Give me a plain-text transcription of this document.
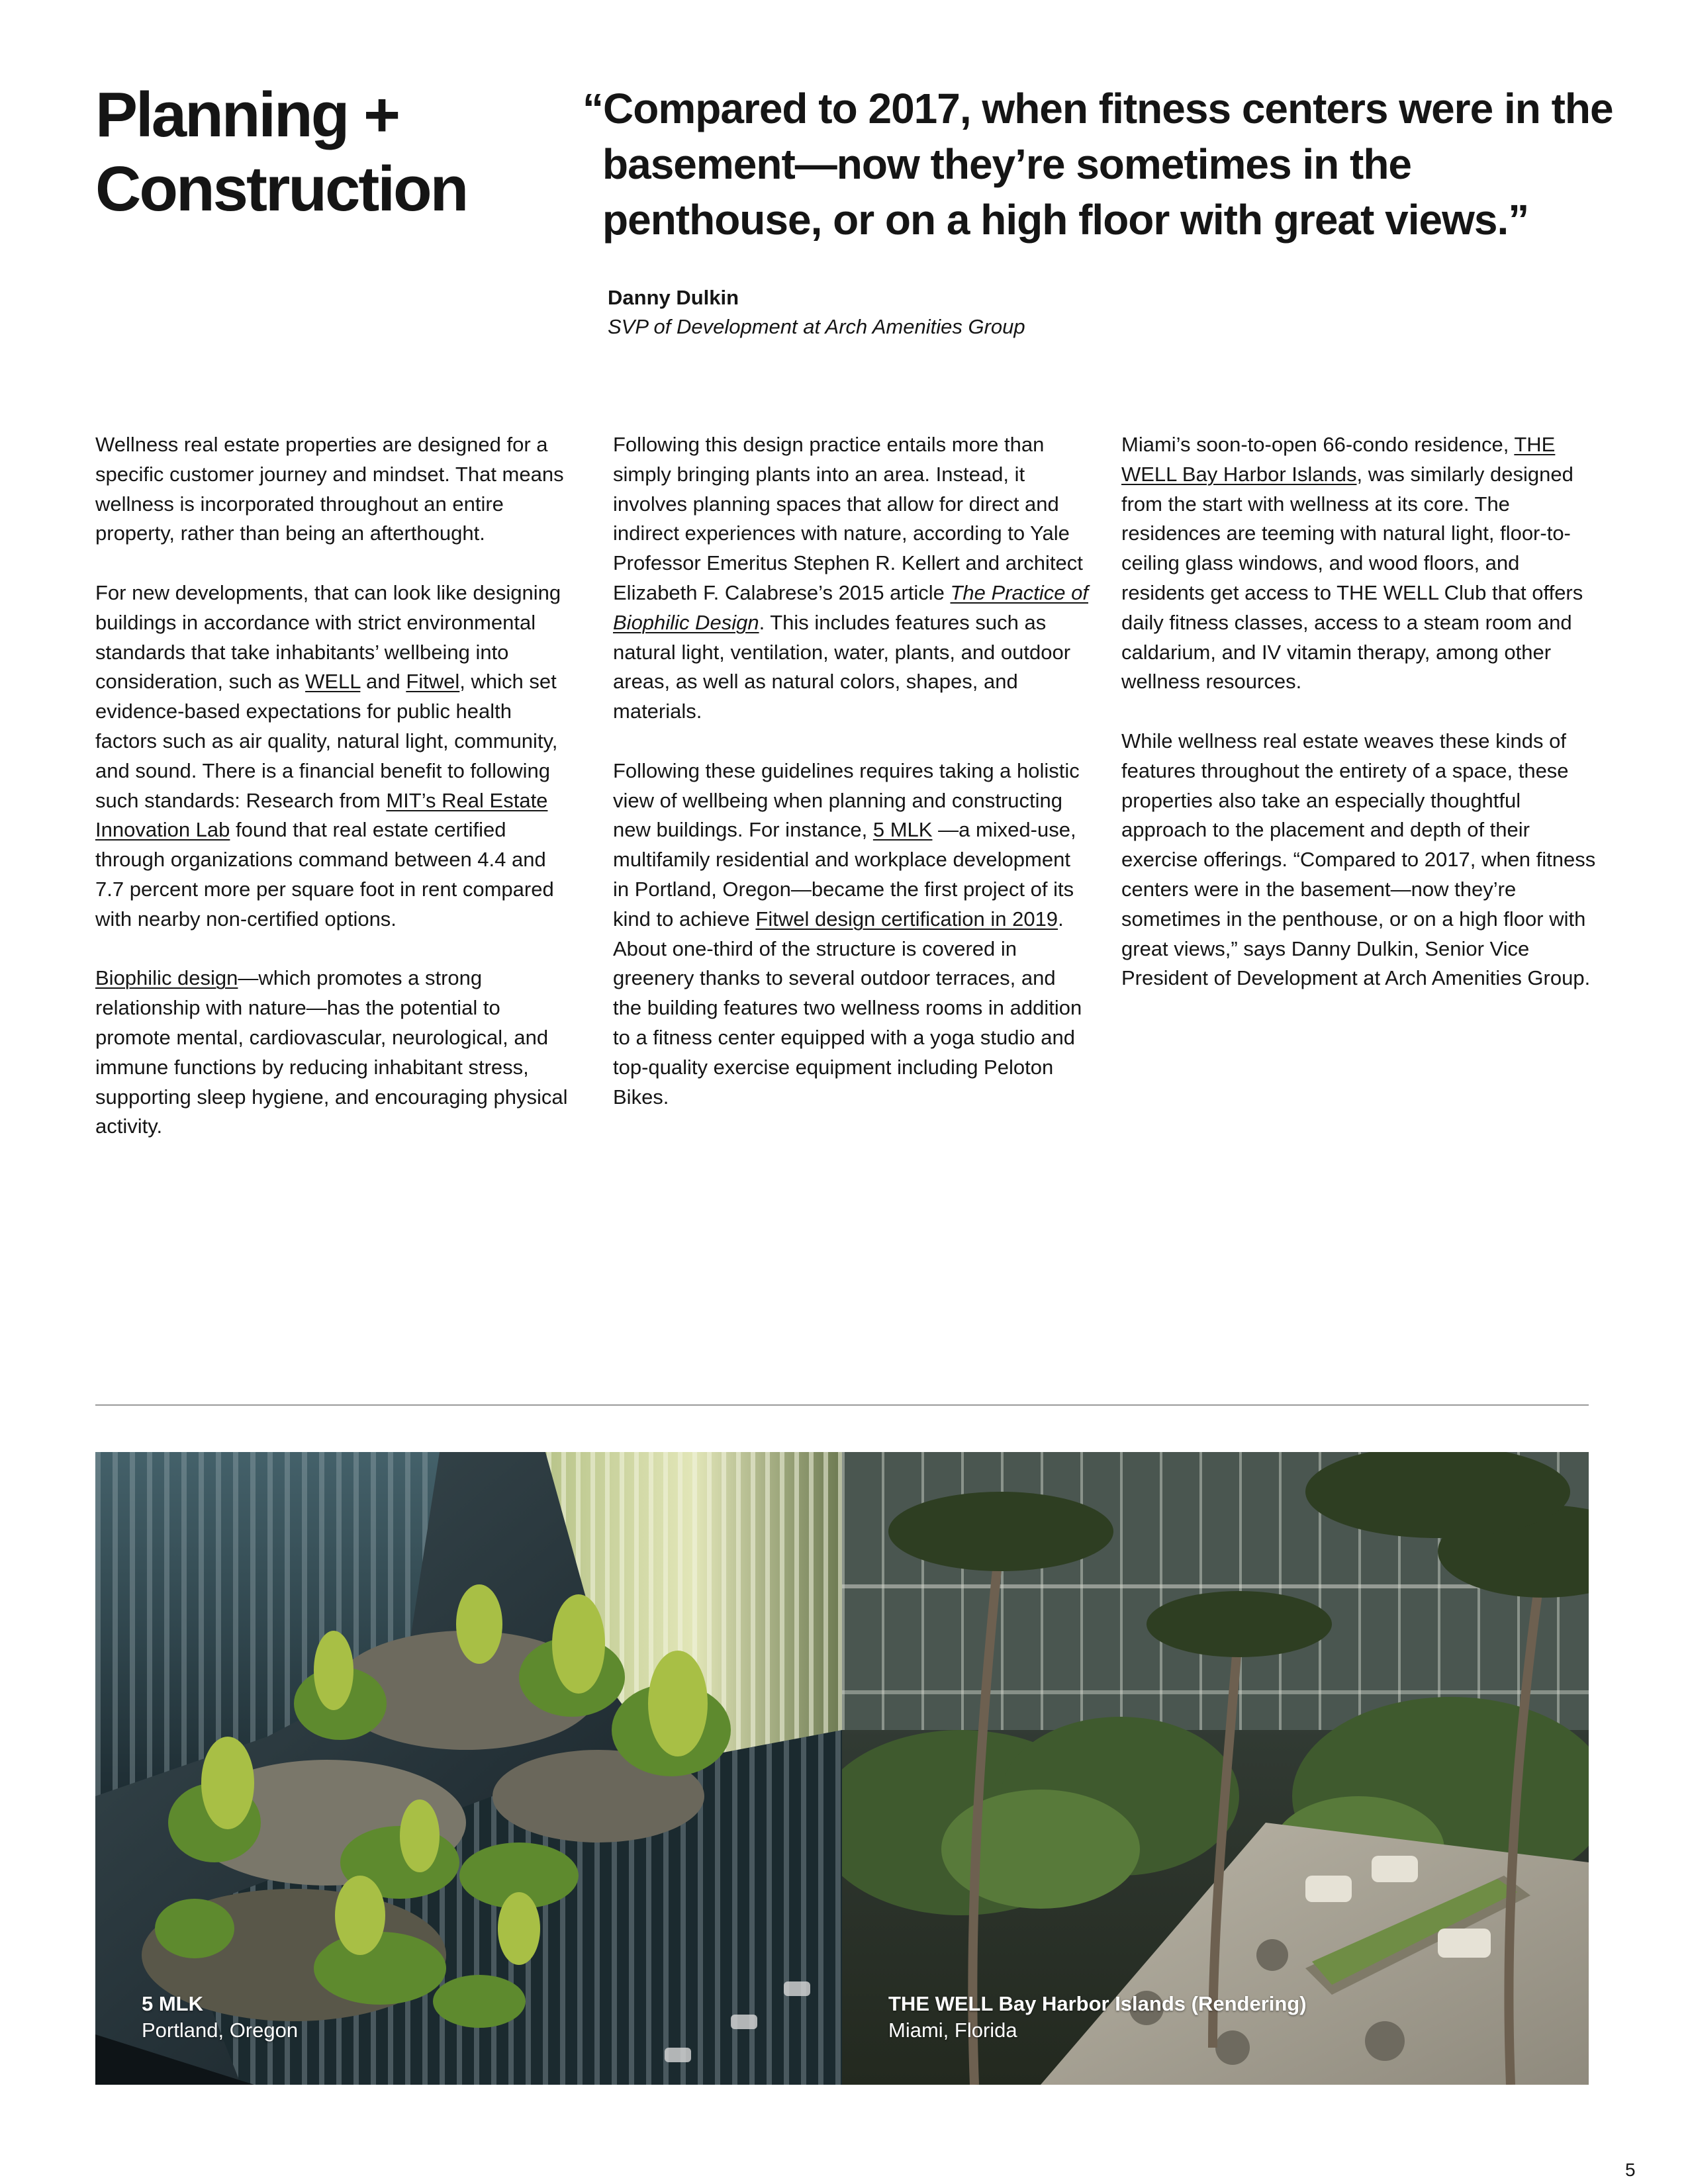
Planning + Construction

“Compared to 2017, when fitness centers were in the basement—now they’re sometimes in the penthouse, or on a high floor with great views.”

Danny Dulkin
SVP of Development at Arch Amenities Group

Wellness real estate properties are designed for a specific customer journey and mindset. That means wellness is incorporated throughout an entire property, rather than being an afterthought.

For new developments, that can look like designing buildings in accordance with strict environmental standards that take inhabitants’ wellbeing into consideration, such as WELL and Fitwel, which set evidence-based expectations for public health factors such as air quality, natural light, community, and sound. There is a financial benefit to following such standards: Research from MIT’s Real Estate Innovation Lab found that real estate certified through organizations command between 4.4 and 7.7 percent more per square foot in rent compared with nearby non-certified options.

Biophilic design—which promotes a strong relationship with nature—has the potential to promote mental, cardiovascular, neurological, and immune functions by reducing inhabitant stress, supporting sleep hygiene, and encouraging physical activity.

Following this design practice entails more than simply bringing plants into an area. Instead, it involves planning spaces that allow for direct and indirect experiences with nature, according to Yale Professor Emeritus Stephen R. Kellert and architect Elizabeth F. Calabrese’s 2015 article The Practice of Biophilic Design. This includes features such as natural light, ventilation, water, plants, and outdoor areas, as well as natural colors, shapes, and materials.

Following these guidelines requires taking a holistic view of wellbeing when planning and constructing new buildings. For instance, 5 MLK —a mixed-use, multifamily residential and workplace development in Portland, Oregon—became the first project of its kind to achieve Fitwel design certification in 2019. About one-third of the structure is covered in greenery thanks to several outdoor terraces, and the building features two wellness rooms in addition to a fitness center equipped with a yoga studio and top-quality exercise equipment including Peloton Bikes.

Miami’s soon-to-open 66-condo residence, THE WELL Bay Harbor Islands, was similarly designed from the start with wellness at its core. The residences are teeming with natural light, floor-to-ceiling glass windows, and wood floors, and residents get access to THE WELL Club that offers daily fitness classes, access to a steam room and caldarium, and IV vitamin therapy, among other wellness resources.

While wellness real estate weaves these kinds of features throughout the entirety of a space, these properties also take an especially thoughtful approach to the placement and depth of their exercise offerings. “Compared to 2017, when fitness centers were in the basement—now they’re sometimes in the penthouse, or on a high floor with great views,” says Danny Dulkin, Senior Vice President of Development at Arch Amenities Group.

5 MLK
Portland, Oregon
THE WELL Bay Harbor Islands (Rendering)
Miami, Florida
5
